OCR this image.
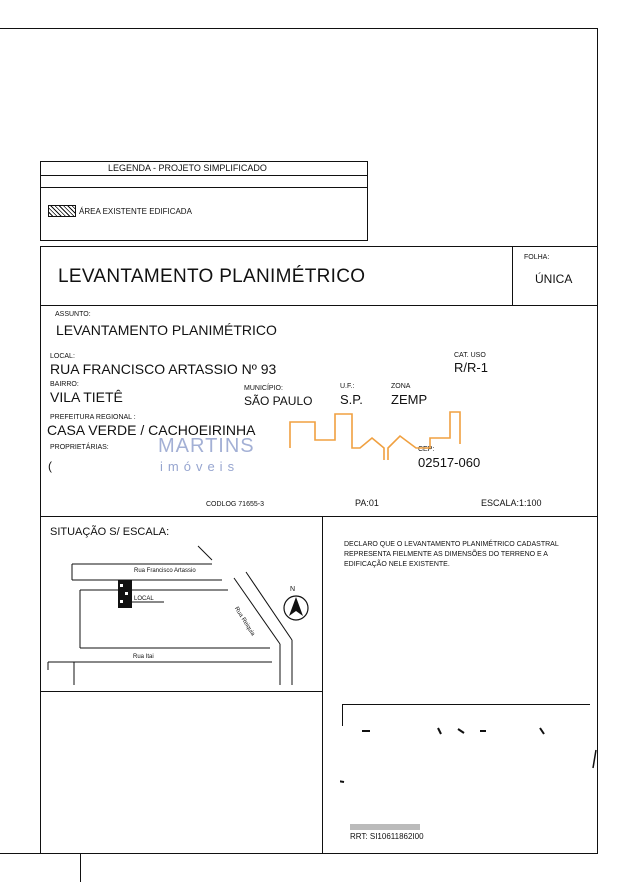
LEGENDA - PROJETO SIMPLIFICADO
ÁREA EXISTENTE EDIFICADA
LEVANTAMENTO PLANIMÉTRICO
FOLHA:
ÚNICA
ASSUNTO:
LEVANTAMENTO PLANIMÉTRICO
LOCAL:
RUA FRANCISCO ARTASSIO Nº 93
CAT. USO
R/R-1
BAIRRO:
VILA TIETÊ
MUNICÍPIO:
SÃO PAULO
U.F.:
S.P.
ZONA
ZEMP
PREFEITURA REGIONAL :
CASA VERDE / CACHOEIRINHA
PROPRIETÁRIAS:
(
CEP:
02517-060
CODLOG 71655-3	PA:01	ESCALA:1:100
MARTINS
imóveis
SITUAÇÃO S/ ESCALA:
Rua Francisco Artassio
Rua Reiquia
Rua Itai
LOCAL
N
DECLARO QUE O LEVANTAMENTO PLANIMÉTRICO CADASTRAL
REPRESENTA FIELMENTE AS DIMENSÕES DO TERRENO E A
EDIFICAÇÃO NELE EXISTENTE.
RRT: SI10611862I00
